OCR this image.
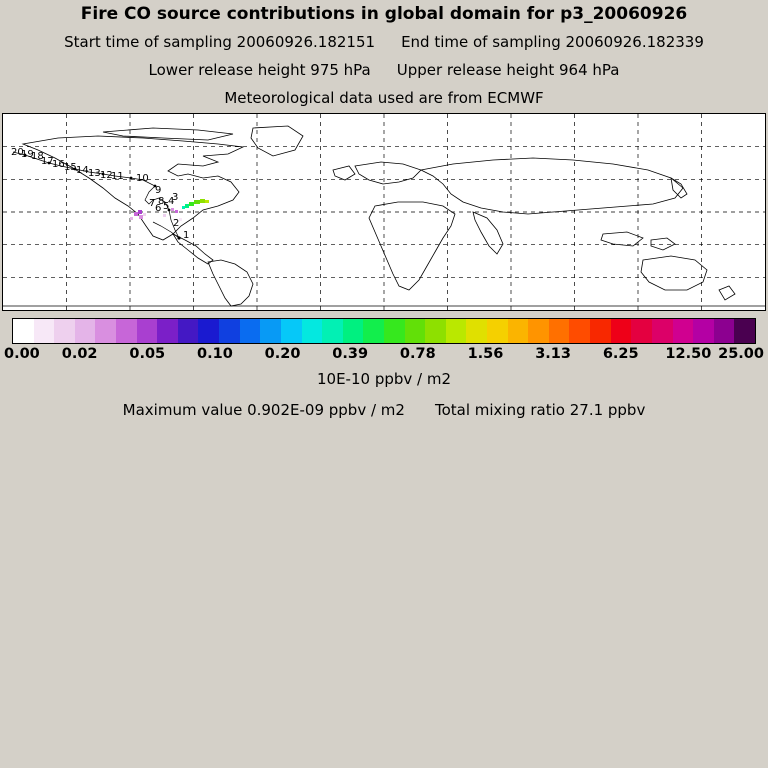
Fire CO source contributions in global domain for p3_20060926
Start time of sampling 20060926.182151 End time of sampling 20060926.182339
Lower release height 975 hPa Upper release height 964 hPa
Meteorological data used are from ECMWF
20
19
18
17
16 15 14 13 12
11 10
9
8
7 6 5
4
3
2
1
0.00 0.02 0.05 0.10 0.20 0.39 0.78 1.56 3.13 6.25 12.50 25.00
10E-10 ppbv / m2
Maximum value 0.902E-09 ppbv / m2 Total mixing ratio 27.1 ppbv
